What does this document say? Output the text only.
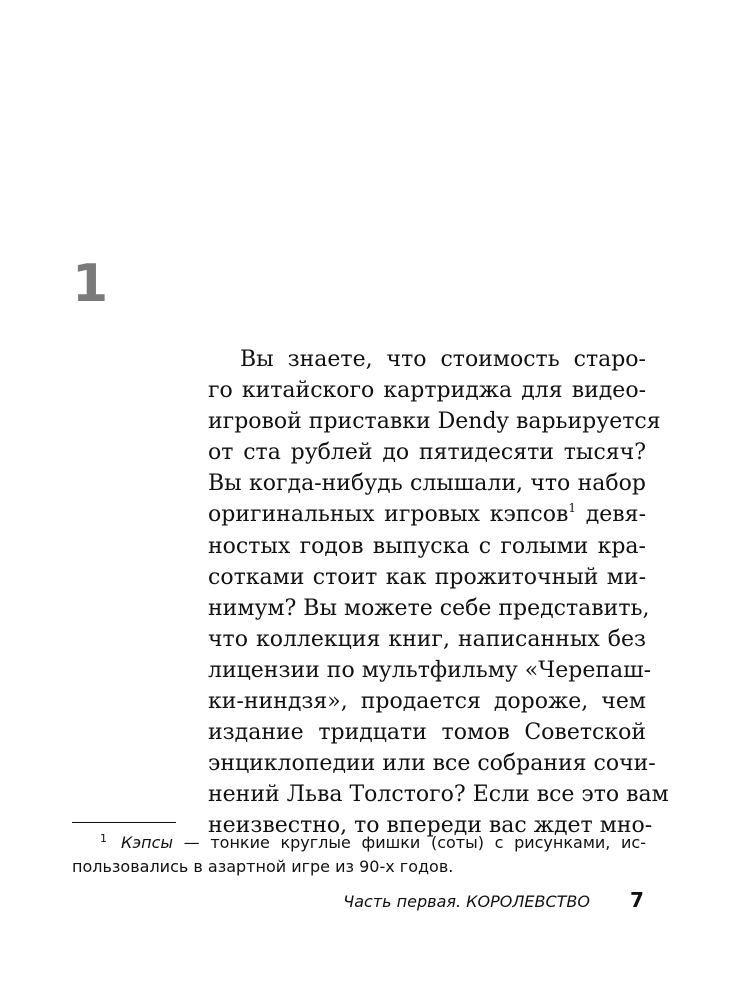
1
Вы знаете, что стоимость старо-
го китайского картриджа для видео-
игровой приставки Dendy варьируется
от ста рублей до пятидесяти тысяч?
Вы когда-нибудь слышали, что набор
оригинальных игровых кэпсов$^1$ девя-
ностых годов выпуска с голыми кра-
сотками стоит как прожиточный ми-
нимум? Вы можете себе представить,
что коллекция книг, написанных без
лицензии по мультфильму «Черепаш-
ки-ниндзя», продается дороже, чем
издание тридцати томов Советской
энциклопедии или все собрания сочи-
нений Льва Толстого? Если все это вам
неизвестно, то впереди вас ждет мно-
$^1$ Кэпсы — тонкие круглые фишки (соты) с рисунками, ис-
пользовались в азартной игре из 90-х годов.
Часть первая. КОРОЛЕВСТВО 7
